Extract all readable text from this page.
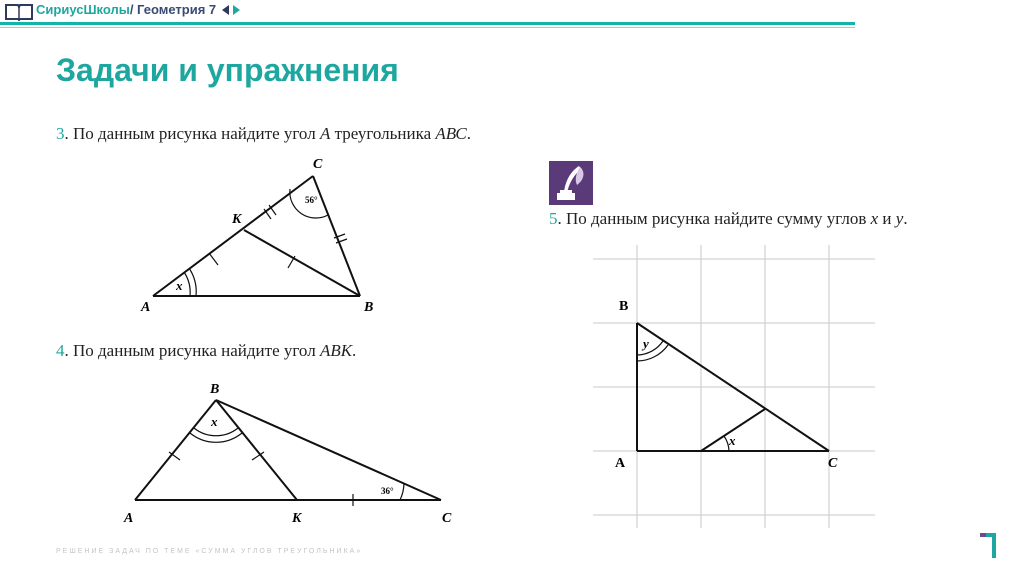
СириусШколы/ Геометрия 7
Задачи и упражнения
3. По данным рисунка найдите угол А треугольника АВС.
A	B
C
K
x
56°
4. По данным рисунка найдите угол АВК.
A
B
C
K
x
36°
5. По данным рисунка найдите сумму углов x и y.
B
A	C
y
x
РЕШЕНИЕ ЗАДАЧ ПО ТЕМЕ «СУММА УГЛОВ ТРЕУГОЛЬНИКА»
